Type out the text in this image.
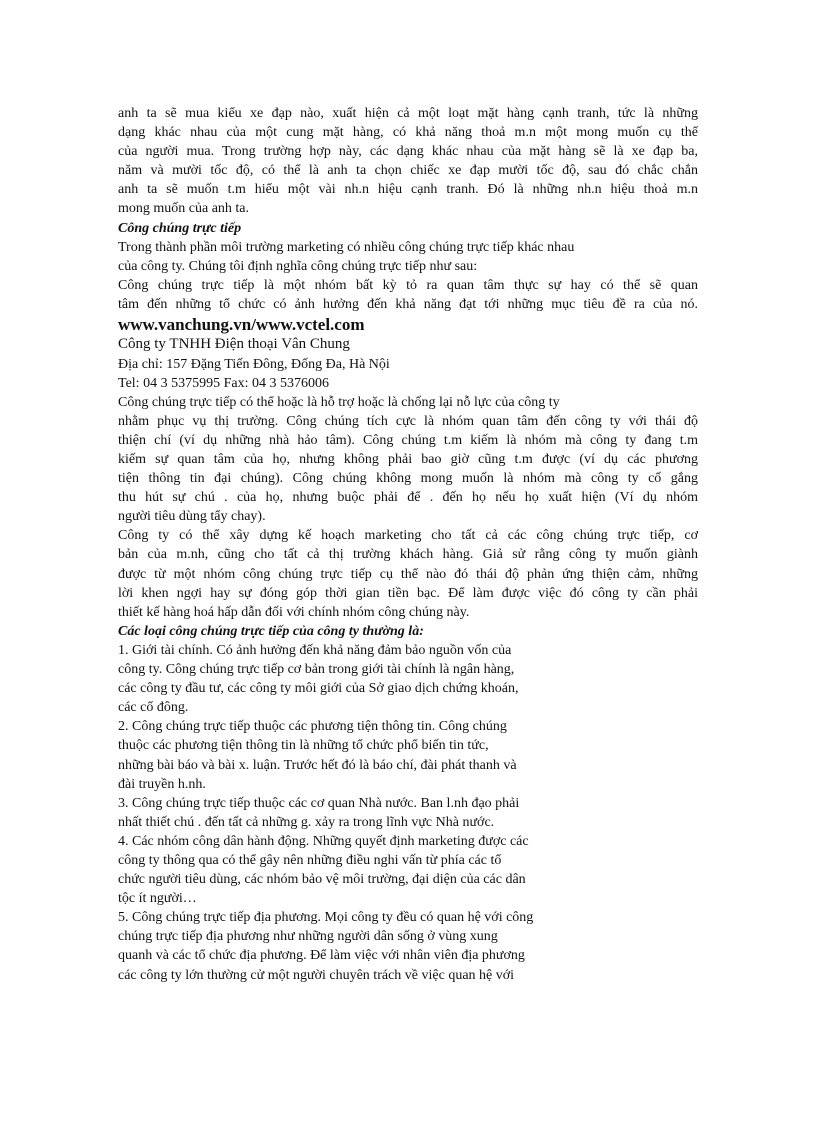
anh ta sẽ mua kiểu xe đạp nào, xuất hiện cả một loạt mặt hàng cạnh tranh, tức là những
dạng khác nhau của một cung mặt hàng, có khả năng thoả m.n một mong muốn cụ thể
của người mua. Trong trường hợp này, các dạng khác nhau của mặt hàng sẽ là xe đạp ba,
năm và mười tốc độ, có thể là anh ta chọn chiếc xe đạp mười tốc độ, sau đó chắc chắn
anh ta sẽ muốn t.m hiểu một vài nh.n hiệu cạnh tranh. Đó là những nh.n hiệu thoả m.n
mong muốn của anh ta.
Công chúng trực tiếp
Trong thành phần môi trường marketing có nhiều công chúng trực tiếp khác nhau
của công ty. Chúng tôi định nghĩa công chúng trực tiếp như sau:
Công chúng trực tiếp là một nhóm bất kỳ tỏ ra quan tâm thực sự hay có thể sẽ quan
tâm đến những tổ chức có ảnh hưởng đến khả năng đạt tới những mục tiêu đề ra của nó.
www.vanchung.vn/www.vctel.com
Công ty TNHH Điện thoại Vân Chung
Địa chỉ: 157 Đặng Tiến Đông, Đống Đa, Hà Nội
Tel: 04 3 5375995 Fax: 04 3 5376006
Công chúng trực tiếp có thể hoặc là hỗ trợ hoặc là chống lại nỗ lực của công ty
nhằm phục vụ thị trường. Công chúng tích cực là nhóm quan tâm đến công ty với thái độ
thiện chí (ví dụ những nhà hảo tâm). Công chúng t.m kiếm là nhóm mà công ty đang t.m
kiếm sự quan tâm của họ, nhưng không phải bao giờ cũng t.m được (ví dụ các phương
tiện thông tin đại chúng). Công chúng không mong muốn là nhóm mà công ty cố gắng
thu hút sự chú . của họ, nhưng buộc phải để . đến họ nếu họ xuất hiện (Ví dụ nhóm
người tiêu dùng tẩy chay).
Công ty có thể xây dựng kế hoạch marketing cho tất cả các công chúng trực tiếp, cơ
bản của m.nh, cũng cho tất cả thị trường khách hàng. Giả sử rằng công ty muốn giành
được từ một nhóm công chúng trực tiếp cụ thể nào đó thái độ phản ứng thiện cảm, những
lời khen ngợi hay sự đóng góp thời gian tiền bạc. Để làm được việc đó công ty cần phải
thiết kế hàng hoá hấp dẫn đối với chính nhóm công chúng này.
Các loại công chúng trực tiếp của công ty thường là:
1. Giới tài chính. Có ảnh hưởng đến khả năng đảm bảo nguồn vốn của
công ty. Công chúng trực tiếp cơ bản trong giới tài chính là ngân hàng,
các công ty đầu tư, các công ty môi giới của Sở giao dịch chứng khoán,
các cổ đông.
2. Công chúng trực tiếp thuộc các phương tiện thông tin. Công chúng
thuộc các phương tiện thông tin là những tổ chức phổ biến tin tức,
những bài báo và bài x. luận. Trước hết đó là báo chí, đài phát thanh và
đài truyền h.nh.
3. Công chúng trực tiếp thuộc các cơ quan Nhà nước. Ban l.nh đạo phải
nhất thiết chú . đến tất cả những g. xảy ra trong lĩnh vực Nhà nước.
4. Các nhóm công dân hành động. Những quyết định marketing được các
công ty thông qua có thể gây nên những điều nghi vấn từ phía các tổ
chức người tiêu dùng, các nhóm bảo vệ môi trường, đại diện của các dân
tộc ít người…
5. Công chúng trực tiếp địa phương. Mọi công ty đều có quan hệ với công
chúng trực tiếp địa phương như những người dân sống ở vùng xung
quanh và các tổ chức địa phương. Để làm việc với nhân viên địa phương
các công ty lớn thường cử một người chuyên trách về việc quan hệ với
